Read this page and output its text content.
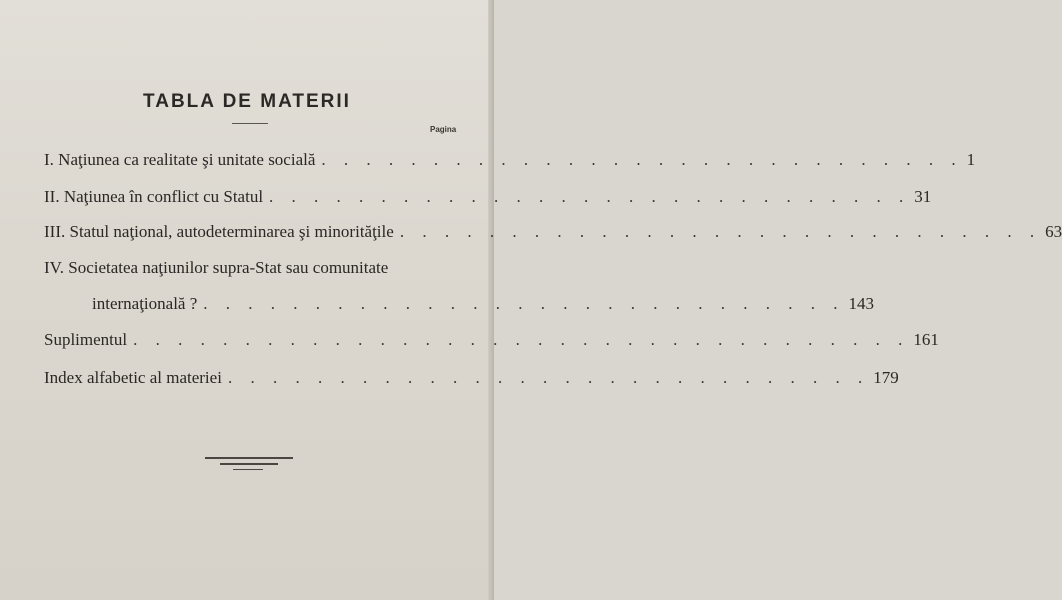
TABLA DE MATERII
Pagina
I. Naţiunea ca realitate şi unitate socială . . . . . . . . . . . . . . . . . . . . . . . . . . . . . 1
II. Naţiunea în conflict cu Statul . . . . . . . . . . . . . . . . . . . . . . . . . . . . . 31
III. Statul naţional, autodeterminarea şi minorităţile . . . . . . . . . . . . . . . . . . . . . . . . . . . . . 63
IV. Societatea naţiunilor supra-Stat sau comunitate
internaţională ? . . . . . . . . . . . . . . . . . . . . . . . . . . . . . 143
Suplimentul . . . . . . . . . . . . . . . . . . . . . . . . . . . . . . . . . . . 161
Index alfabetic al materiei . . . . . . . . . . . . . . . . . . . . . . . . . . . . . 179
